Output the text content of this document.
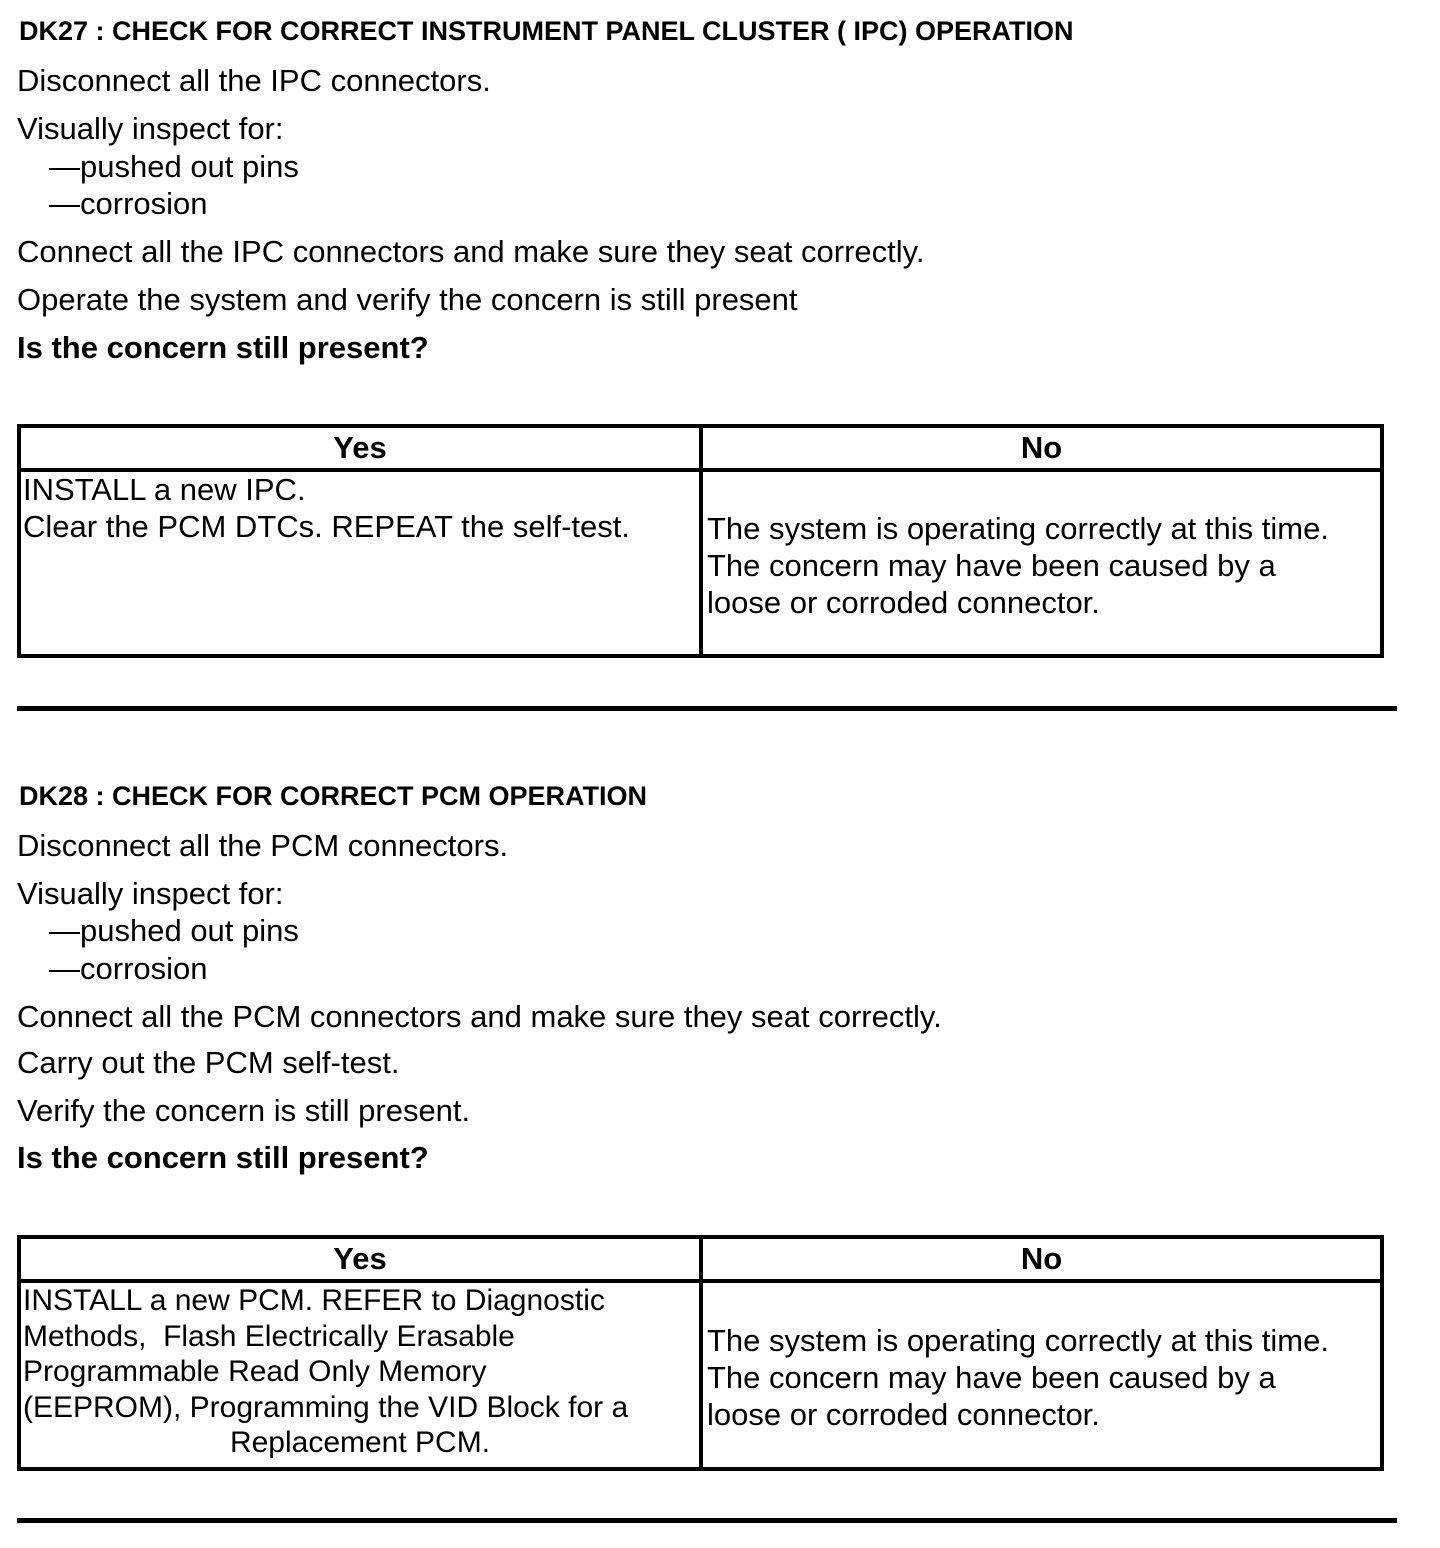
DK27 : CHECK FOR CORRECT INSTRUMENT PANEL CLUSTER ( IPC) OPERATION
Disconnect all the IPC connectors.
Visually inspect for:
—pushed out pins
—corrosion
Connect all the IPC connectors and make sure they seat correctly.
Operate the system and verify the concern is still present
Is the concern still present?
Yes	No
INSTALL a new IPC.
Clear the PCM DTCs. REPEAT the self-test. The system is operating correctly at this time.
The concern may have been caused by a
loose or corroded connector.
DK28 : CHECK FOR CORRECT PCM OPERATION
Disconnect all the PCM connectors.
Visually inspect for:
—pushed out pins
—corrosion
Connect all the PCM connectors and make sure they seat correctly.
Carry out the PCM self-test.
Verify the concern is still present.
Is the concern still present?
Yes	No
INSTALL a new PCM. REFER to Diagnostic
Methods,  Flash Electrically Erasable
Programmable Read Only Memory
(EEPROM), Programming the VID Block for a
Replacement PCM.
The system is operating correctly at this time.
The concern may have been caused by a
loose or corroded connector.
